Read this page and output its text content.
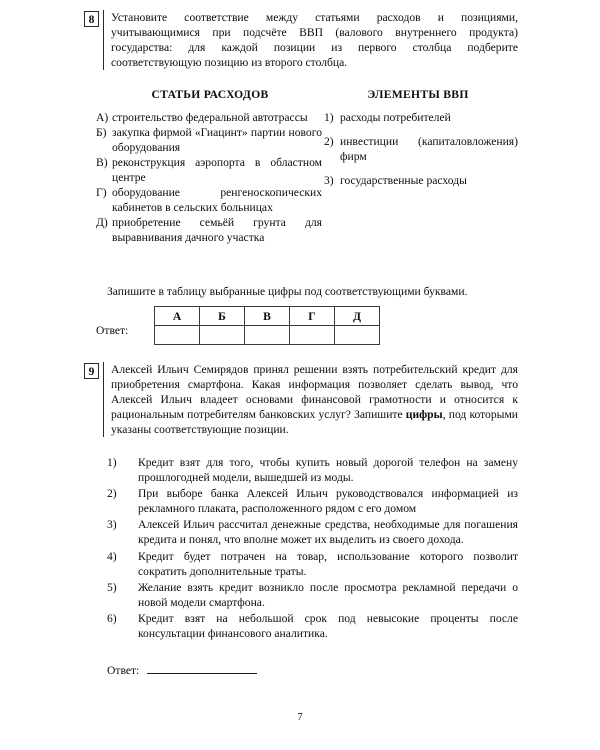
8	Установите соответствие между статьями расходов и позициями, учитывающимися при подсчёте ВВП (валового внутреннего продукта) государства: для каждой позиции из первого столбца подберите соответствующую позицию из второго столбца.

СТАТЬИ РАСХОДОВ
А) строительство федеральной автотрассы
Б) закупка фирмой «Гиацинт» партии нового оборудования
В) реконструкция аэропорта в областном центре
Г) оборудование ренгеноскопических кабинетов в сельских больницах
Д) приобретение семьёй грунта для выравнивания дачного участка
ЭЛЕМЕНТЫ ВВП
1) расходы потребителей
2) инвестиции (капиталовложения) фирм
3) государственные расходы

Запишите в таблицу выбранные цифры под соответствующими буквами.

Ответ:
А	Б	В	Г	Д

9	Алексей Ильич Семирядов принял решении взять потребительский кредит для приобретения смартфона. Какая информация позволяет сделать вывод, что Алексей Ильич владеет основами финансовой грамотности и относится к рациональным потребителям банковских услуг? Запишите цифры, под которыми указаны соответствующие позиции.

1)	Кредит взят для того, чтобы купить новый дорогой телефон на замену прошлогодней модели, вышедшей из моды.
2)	При выборе банка Алексей Ильич руководствовался информацией из рекламного плаката, расположенного рядом с его домом
3)	Алексей Ильич рассчитал денежные средства, необходимые для погашения кредита и понял, что вполне может их выделить из своего дохода.
4)	Кредит будет потрачен на товар, использование которого позволит сократить дополнительные траты.
5)	Желание взять кредит возникло после просмотра рекламной передачи о новой модели смартфона.
6)	Кредит взят на небольшой срок под невысокие проценты после консультации финансового аналитика.
Ответ:
7
